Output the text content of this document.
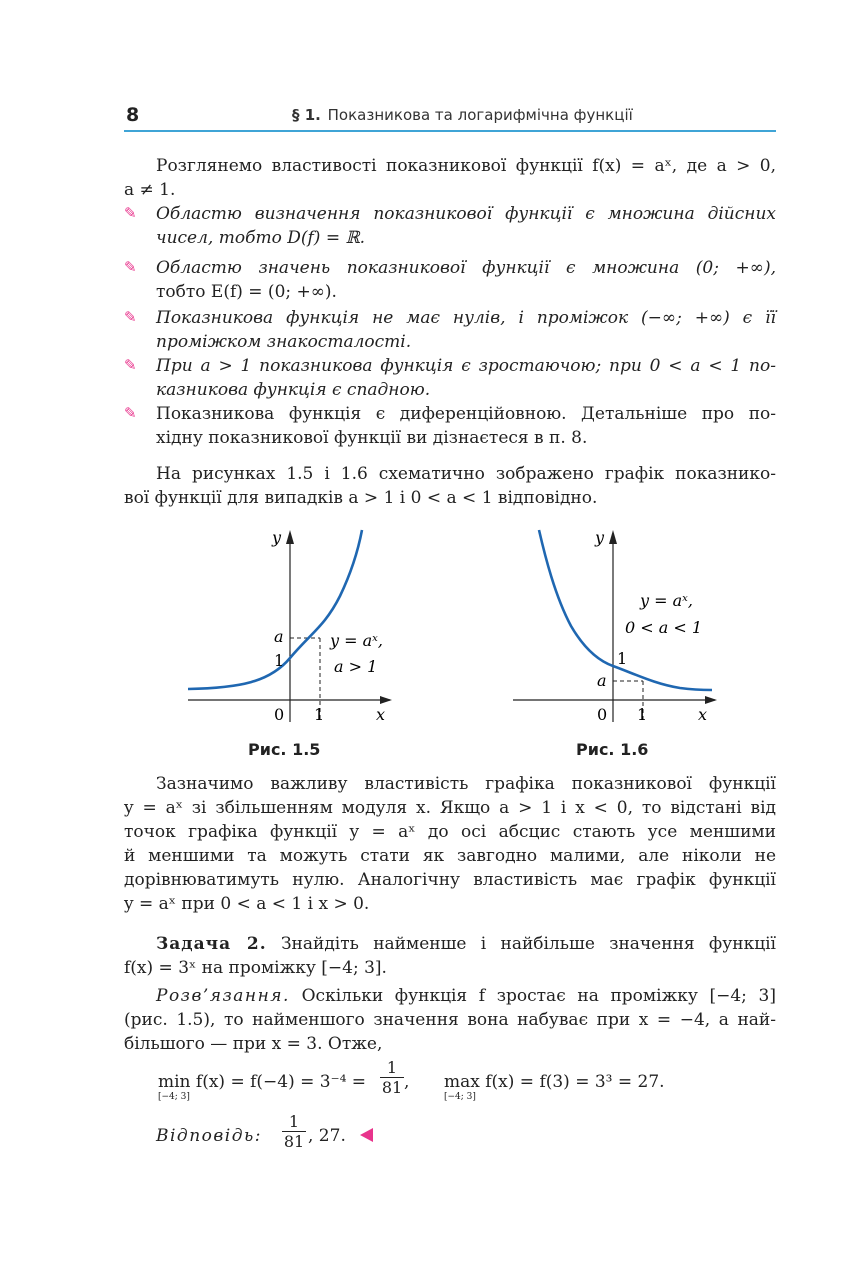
8	§ 1. Показникова та логарифмічна функції
Розглянемо властивості показникової функції f(x) = aˣ, де a > 0,
a ≠ 1.
✎ Областю визначення показникової функції є множина дійсних
чисел, тобто D(f) = ℝ.
✎ Областю значень показникової функції є множина (0; +∞),
тобто E(f) = (0; +∞).
✎ Показникова функція не має нулів, і проміжок (−∞; +∞) є її
проміжком знакосталості.
✎ При a > 1 показникова функція є зростаючою; при 0 < a < 1 по-
казникова функція є спадною.
✎ Показникова функція є диференційовною. Детальніше про по-
хідну показникової функції ви дізнаєтеся в п. 8.
На рисунках 1.5 і 1.6 схематично зображено графік показнико-
вої функції для випадків a > 1 і 0 < a < 1 відповідно.
y
x
0 1
1
a	y = aˣ,
a > 1
Рис. 1.5
y
x
0 1
1
a
y = aˣ,
0 < a < 1
Рис. 1.6
Зазначимо важливу властивість графіка показникової функції
y = aˣ зі збільшенням модуля x. Якщо a > 1 і x < 0, то відстані від
точок графіка функції y = aˣ до осі абсцис стають усе меншими
й меншими та можуть стати як завгодно малими, але ніколи не
дорівнюватимуть нулю. Аналогічну властивість має графік функції
y = aˣ при 0 < a < 1 і x > 0.
Задача 2. Знайдіть найменше і найбільше значення функції
f(x) = 3ˣ на проміжку [−4; 3].
Розв’язання. Оскільки функція f зростає на проміжку [−4; 3]
(рис. 1.5), то найменшого значення вона набуває при x = −4, а най-
більшого — при x = 3. Отже,
min f(x) = f(−4) = 3⁻⁴ =
[−4; 3]	$\frac{1}{81}$ , max f(x) = f(3) = 3³ = 27.
[−4; 3]
Відповідь: $\frac{1}{81}$ , 27.
